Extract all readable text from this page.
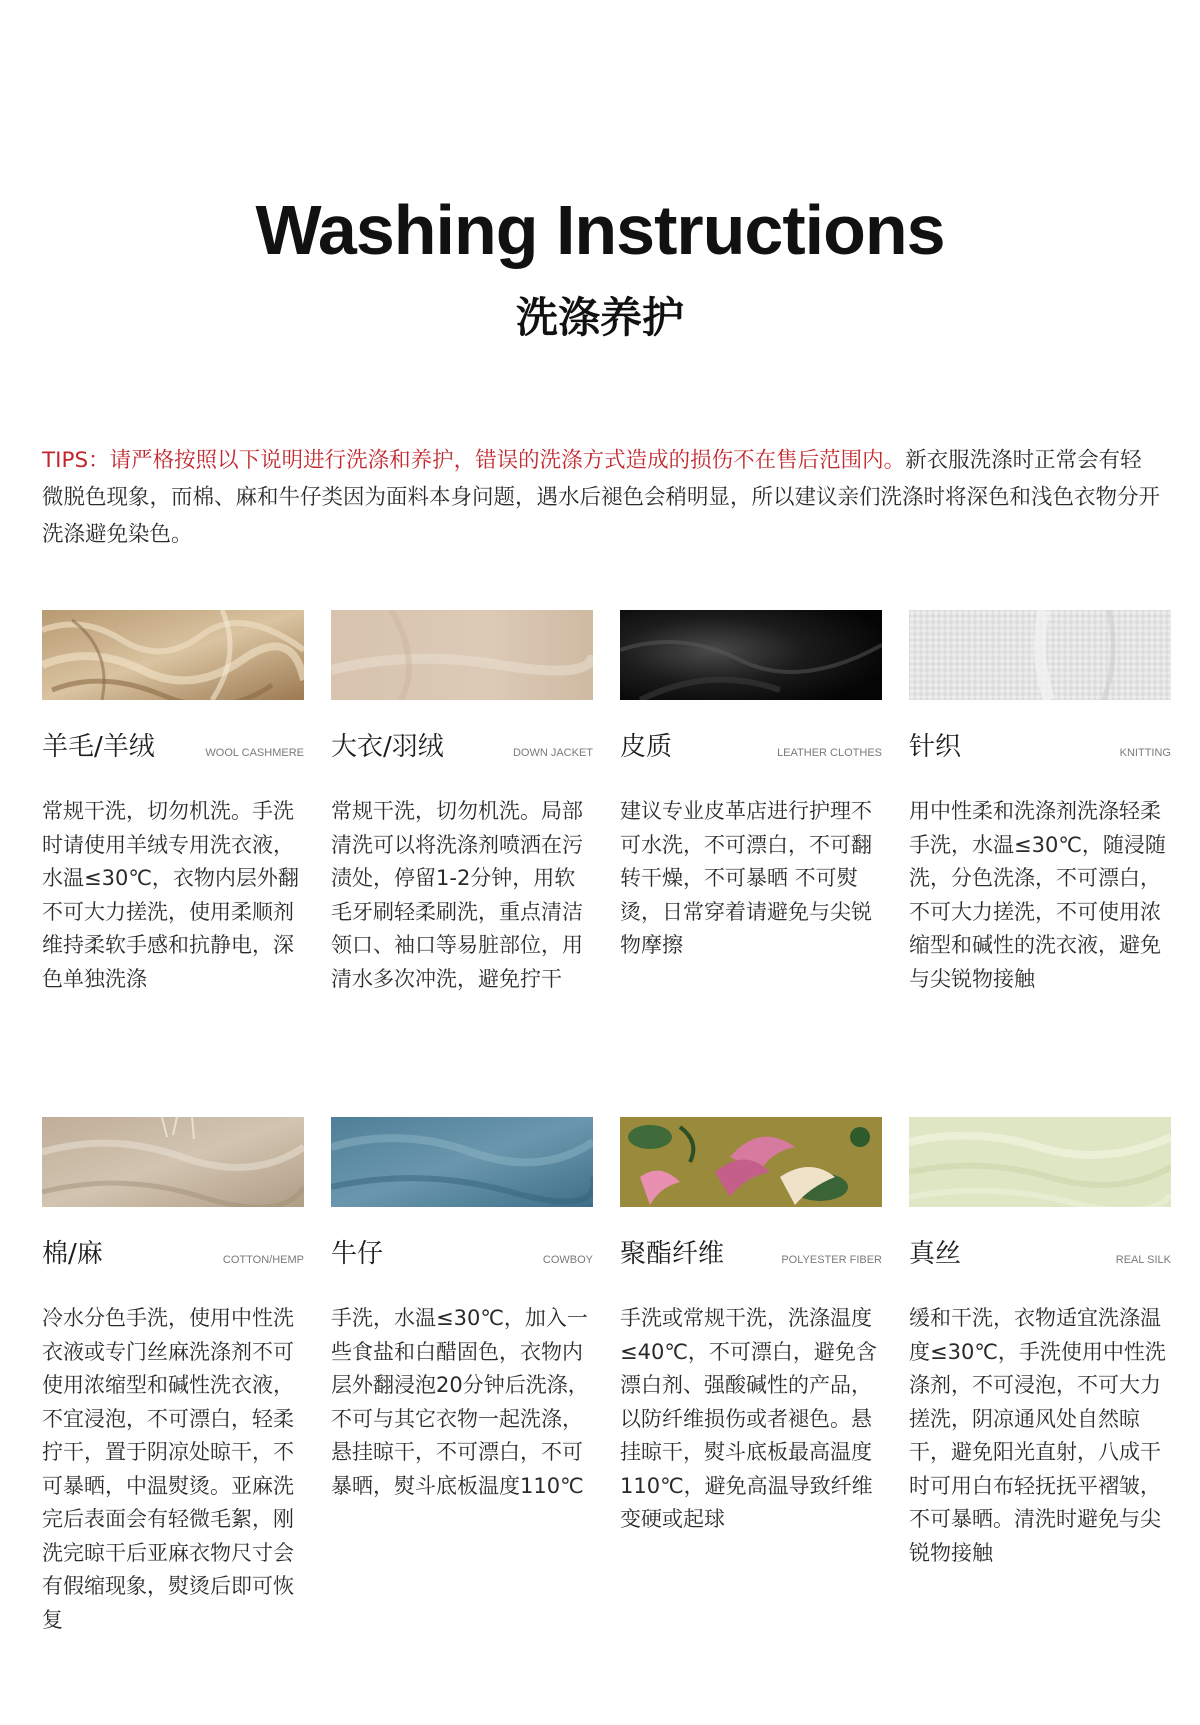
Washing Instructions
洗涤养护

TIPS：请严格按照以下说明进行洗涤和养护，错误的洗涤方式造成的损伤不在售后范围内。新衣服洗涤时正常会有轻微脱色现象，而棉、麻和牛仔类因为面料本身问题，遇水后褪色会稍明显，所以建议亲们洗涤时将深色和浅色衣物分开洗涤避免染色。

羊毛/羊绒	WOOL CASHMERE
常规干洗，切勿机洗。手洗时请使用羊绒专用洗衣液，水温≤30℃，衣物内层外翻不可大力搓洗，使用柔顺剂维持柔软手感和抗静电，深色单独洗涤
大衣/羽绒	DOWN JACKET
常规干洗，切勿机洗。局部清洗可以将洗涤剂喷洒在污渍处，停留1-2分钟，用软毛牙刷轻柔刷洗，重点清洁领口、袖口等易脏部位，用清水多次冲洗，避免拧干
皮质	LEATHER CLOTHES
建议专业皮革店进行护理不可水洗，不可漂白，不可翻转干燥，不可暴晒 不可熨烫，日常穿着请避免与尖锐物摩擦
针织	KNITTING
用中性柔和洗涤剂洗涤轻柔手洗，水温≤30℃，随浸随洗，分色洗涤，不可漂白，不可大力搓洗，不可使用浓缩型和碱性的洗衣液，避免与尖锐物接触
棉/麻	COTTON/HEMP
冷水分色手洗，使用中性洗衣液或专门丝麻洗涤剂不可使用浓缩型和碱性洗衣液，不宜浸泡，不可漂白，轻柔拧干，置于阴凉处晾干，不可暴晒，中温熨烫。亚麻洗完后表面会有轻微毛絮，刚洗完晾干后亚麻衣物尺寸会有假缩现象，熨烫后即可恢复
牛仔	COWBOY
手洗，水温≤30℃，加入一些食盐和白醋固色，衣物内层外翻浸泡20分钟后洗涤，不可与其它衣物一起洗涤，悬挂晾干，不可漂白，不可暴晒，熨斗底板温度110℃
聚酯纤维	POLYESTER FIBER
手洗或常规干洗，洗涤温度≤40℃，不可漂白，避免含漂白剂、强酸碱性的产品，以防纤维损伤或者褪色。悬挂晾干，熨斗底板最高温度110℃，避免高温导致纤维变硬或起球
真丝	REAL SILK
缓和干洗，衣物适宜洗涤温度≤30℃，手洗使用中性洗涤剂，不可浸泡，不可大力搓洗，阴凉通风处自然晾干，避免阳光直射，八成干时可用白布轻抚抚平褶皱，不可暴晒。清洗时避免与尖锐物接触
